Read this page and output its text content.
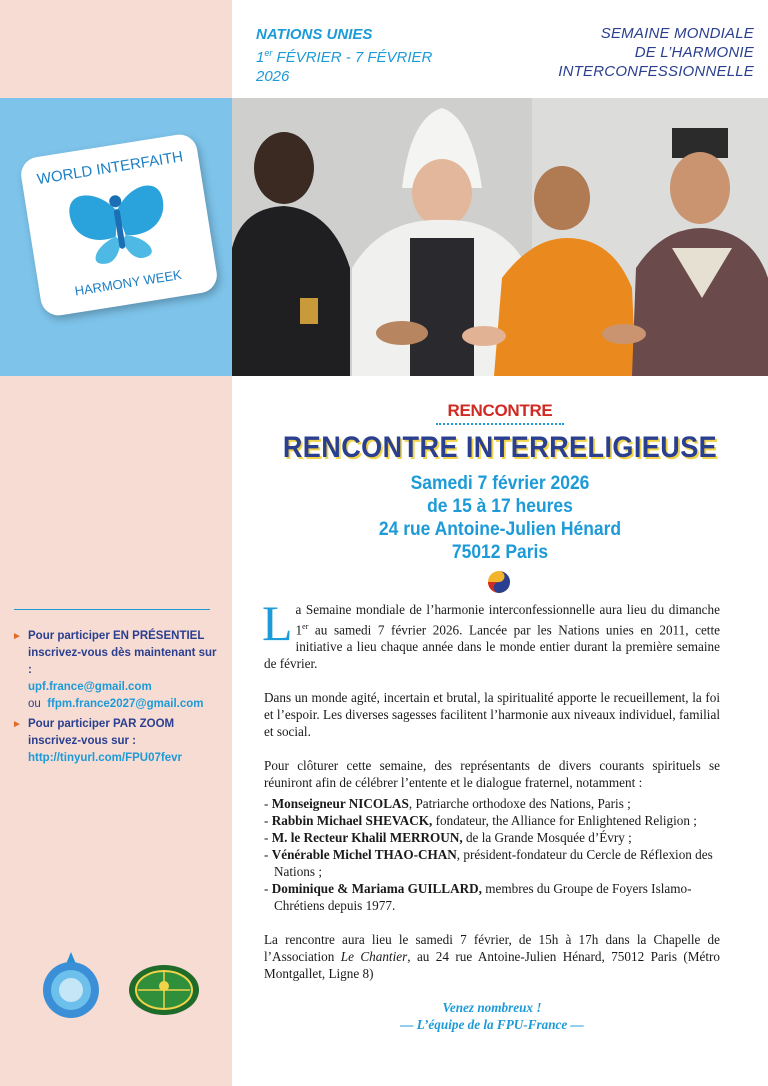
SEMAINE MONDIALE
DE L’HARMONIE
INTERCONFESSIONNELLE
NATIONS UNIES
1er FÉVRIER - 7 FÉVRIER
2026
WORLD INTERFAITH
HARMONY WEEK
RENCONTRE
RENCONTRE INTERRELIGIEUSE
Samedi 7 février 2026
de 15 à 17 heures
24 rue Antoine-Julien Hénard
75012 Paris
► Pour participer EN PRÉSENTIEL
inscrivez-vous dès maintenant sur :
upf.france@gmail.com
ou ffpm.france2027@gmail.com
► Pour participer PAR ZOOM
inscrivez-vous sur :
http://tinyurl.com/FPU07fevr

La Semaine mondiale de l’harmonie interconfessionnelle aura lieu du dimanche 1er au samedi 7 février 2026. Lancée par les Nations unies en 2011, cette initiative a lieu chaque année dans le monde entier durant la première semaine de février.

Dans un monde agité, incertain et brutal, la spiritualité apporte le recueillement, la foi et l’espoir. Les diverses sagesses facilitent l’harmonie aux niveaux individuel, familial et social.

Pour clôturer cette semaine, des représentants de divers courants spirituels se réuniront afin de célébrer l’entente et le dialogue fraternel, notamment :

- Monseigneur NICOLAS, Patriarche orthodoxe des Nations, Paris ;
- Rabbin Michael SHEVACK, fondateur, the Alliance for Enlightened Religion ;
- M. le Recteur Khalil MERROUN, de la Grande Mosquée d’Évry ;
- Vénérable Michel THAO-CHAN, président-fondateur du Cercle de Réflexion des Nations ;
- Dominique & Mariama GUILLARD, membres du Groupe de Foyers Islamo-Chrétiens depuis 1977.

La rencontre aura lieu le samedi 7 février, de 15h à 17h dans la Chapelle de l’Association Le Chantier, au 24 rue Antoine-Julien Hénard, 75012 Paris (Métro Montgallet, Ligne 8)

Venez nombreux !
— L’équipe de la FPU-France —
